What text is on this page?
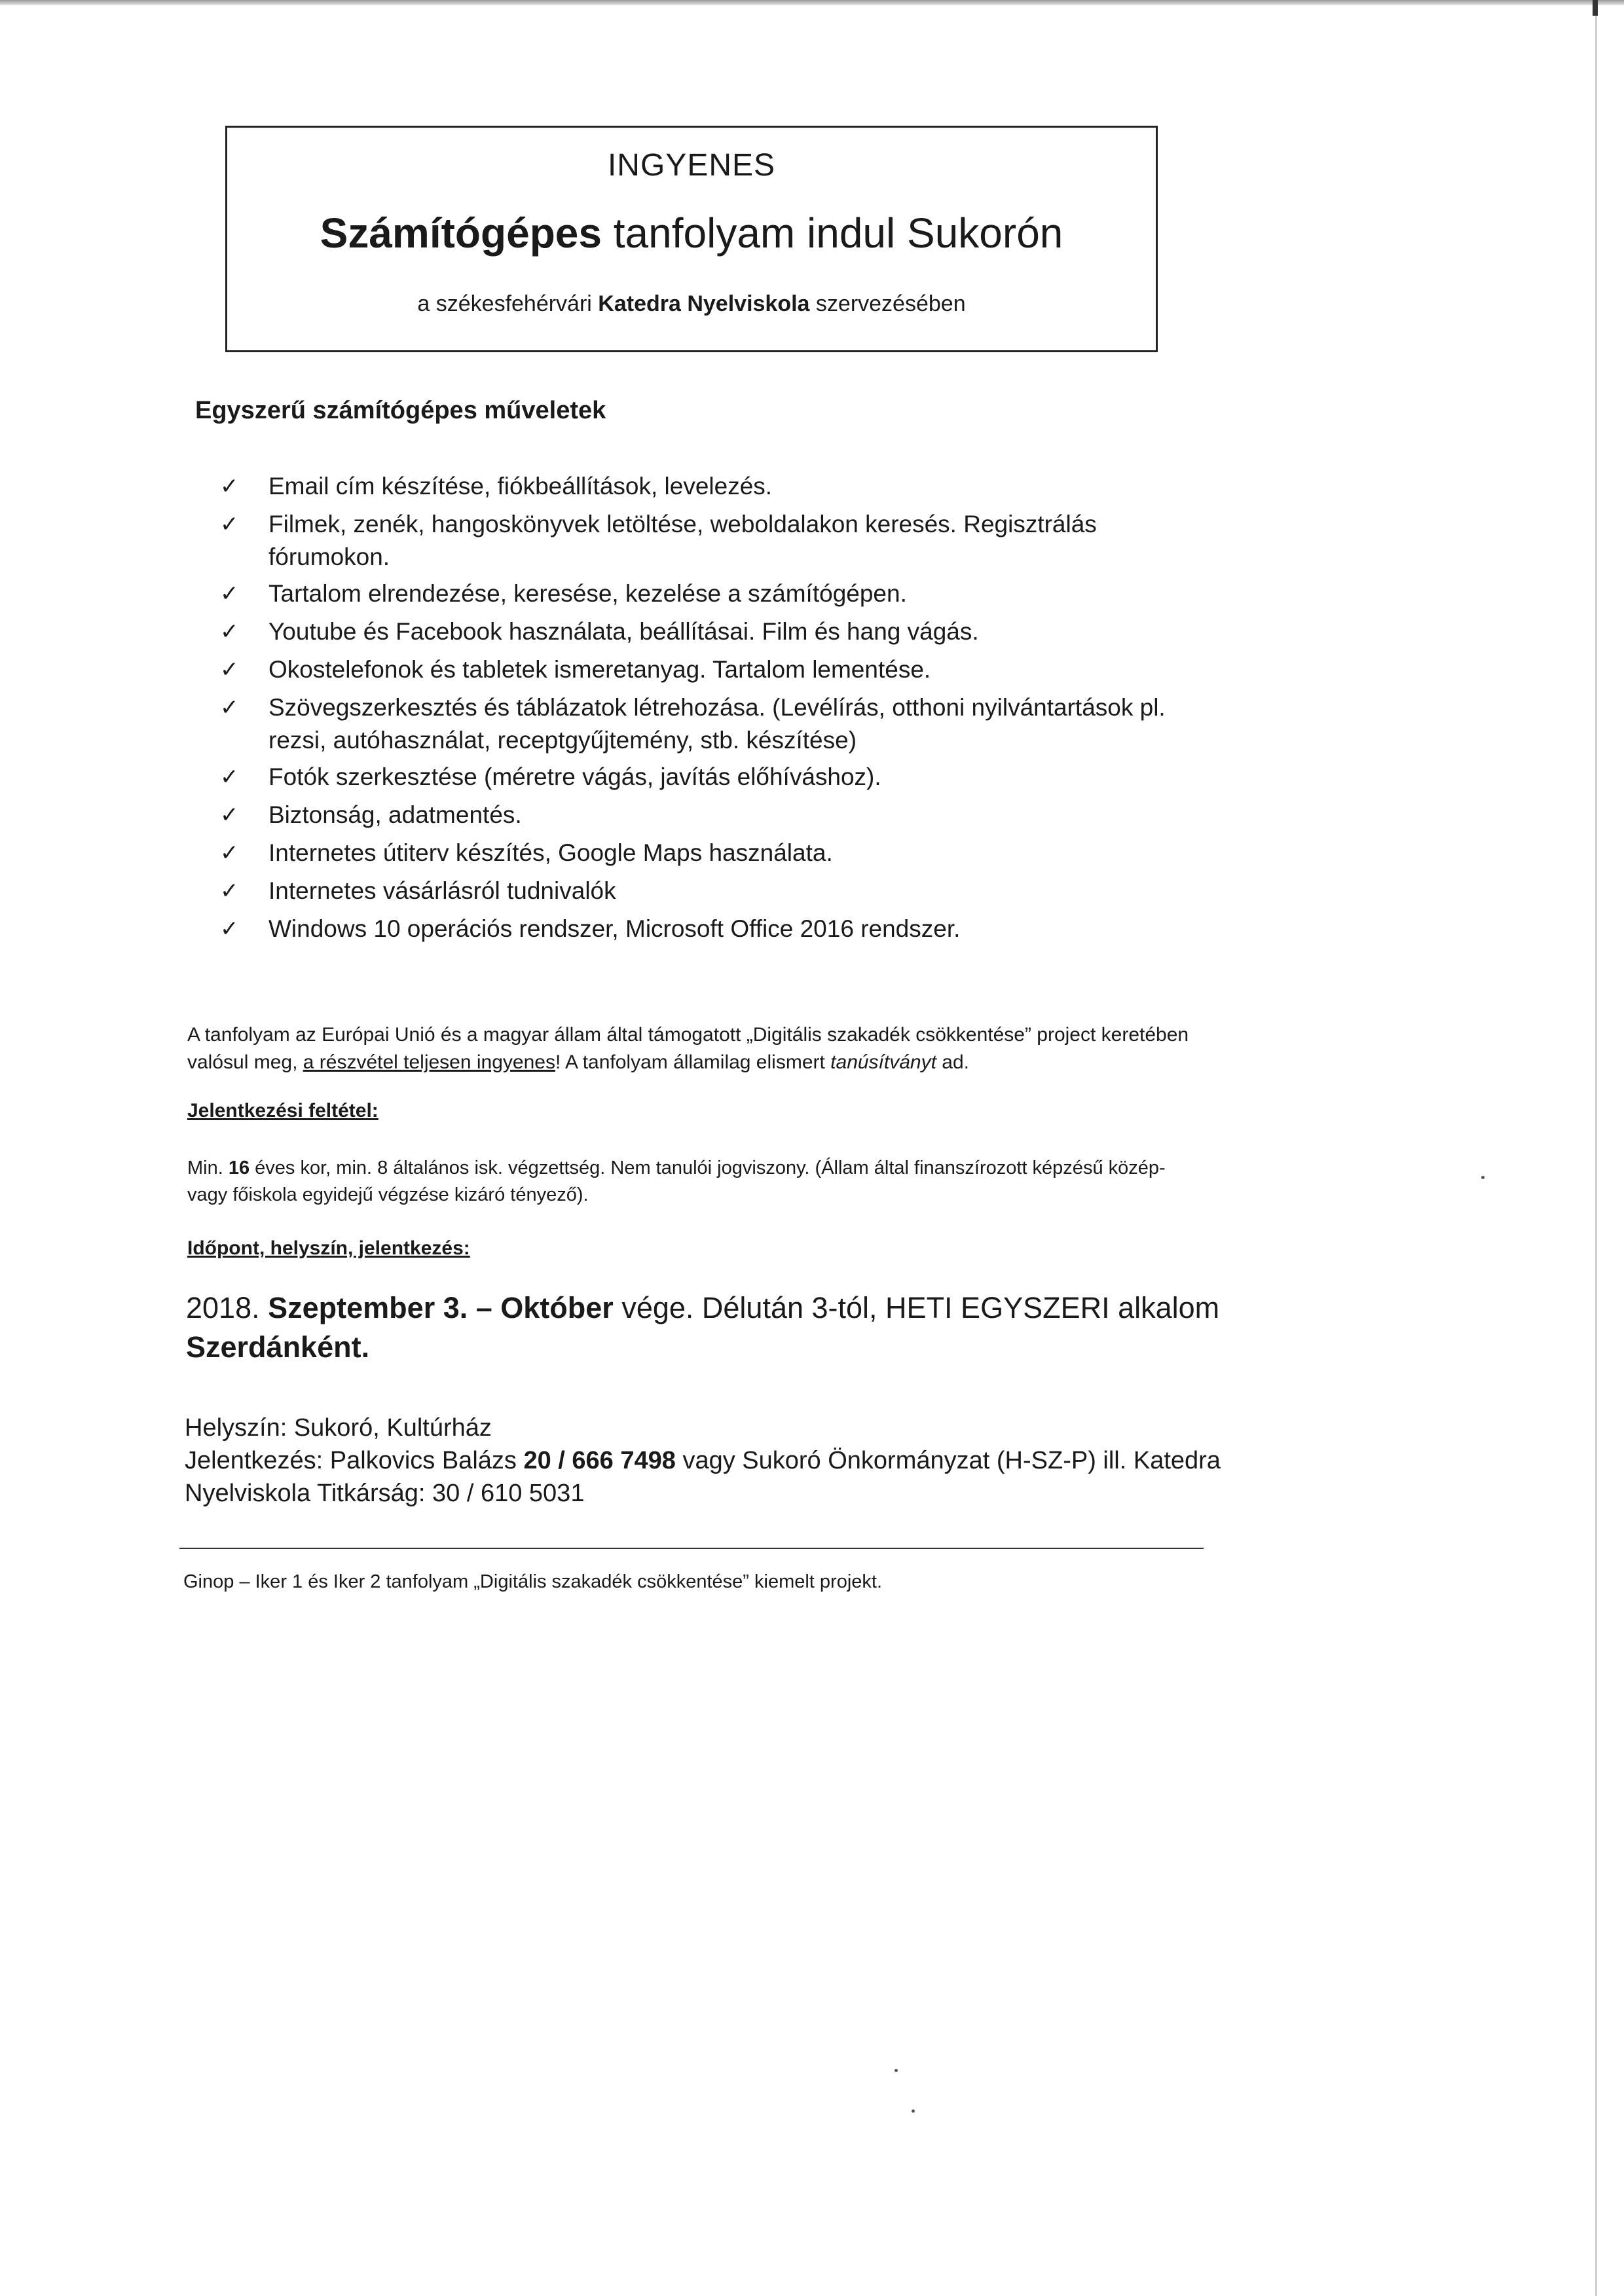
INGYENES
Számítógépes tanfolyam indul Sukorón
a székesfehérvári Katedra Nyelviskola szervezésében
Egyszerű számítógépes műveletek
✓ Email cím készítése, fiókbeállítások, levelezés.
✓ Filmek, zenék, hangoskönyvek letöltése, weboldalakon keresés. Regisztrálás fórumokon.
✓ Tartalom elrendezése, keresése, kezelése a számítógépen.
✓ Youtube és Facebook használata, beállításai. Film és hang vágás.
✓ Okostelefonok és tabletek ismeretanyag. Tartalom lementése.
✓ Szövegszerkesztés és táblázatok létrehozása. (Levélírás, otthoni nyilvántartások pl. rezsi, autóhasználat, receptgyűjtemény, stb. készítése)
✓ Fotók szerkesztése (méretre vágás, javítás előhíváshoz).
✓ Biztonság, adatmentés.
✓ Internetes útiterv készítés, Google Maps használata.
✓ Internetes vásárlásról tudnivalók
✓ Windows 10 operációs rendszer, Microsoft Office 2016 rendszer.
A tanfolyam az Európai Unió és a magyar állam által támogatott „Digitális szakadék csökkentése” project keretében valósul meg, a részvétel teljesen ingyenes! A tanfolyam államilag elismert tanúsítványt ad.
Jelentkezési feltétel:
Min. 16 éves kor, min. 8 általános isk. végzettség. Nem tanulói jogviszony. (Állam által finanszírozott képzésű közép- vagy főiskola egyidejű végzése kizáró tényező).
Időpont, helyszín, jelentkezés:
2018. Szeptember 3. – Október vége. Délután 3-tól, HETI EGYSZERI alkalom Szerdánként.
Helyszín: Sukoró, Kultúrház
Jelentkezés: Palkovics Balázs 20 / 666 7498 vagy Sukoró Önkormányzat (H-SZ-P) ill. Katedra Nyelviskola Titkárság: 30 / 610 5031
Ginop – Iker 1 és Iker 2 tanfolyam „Digitális szakadék csökkentése” kiemelt projekt.
